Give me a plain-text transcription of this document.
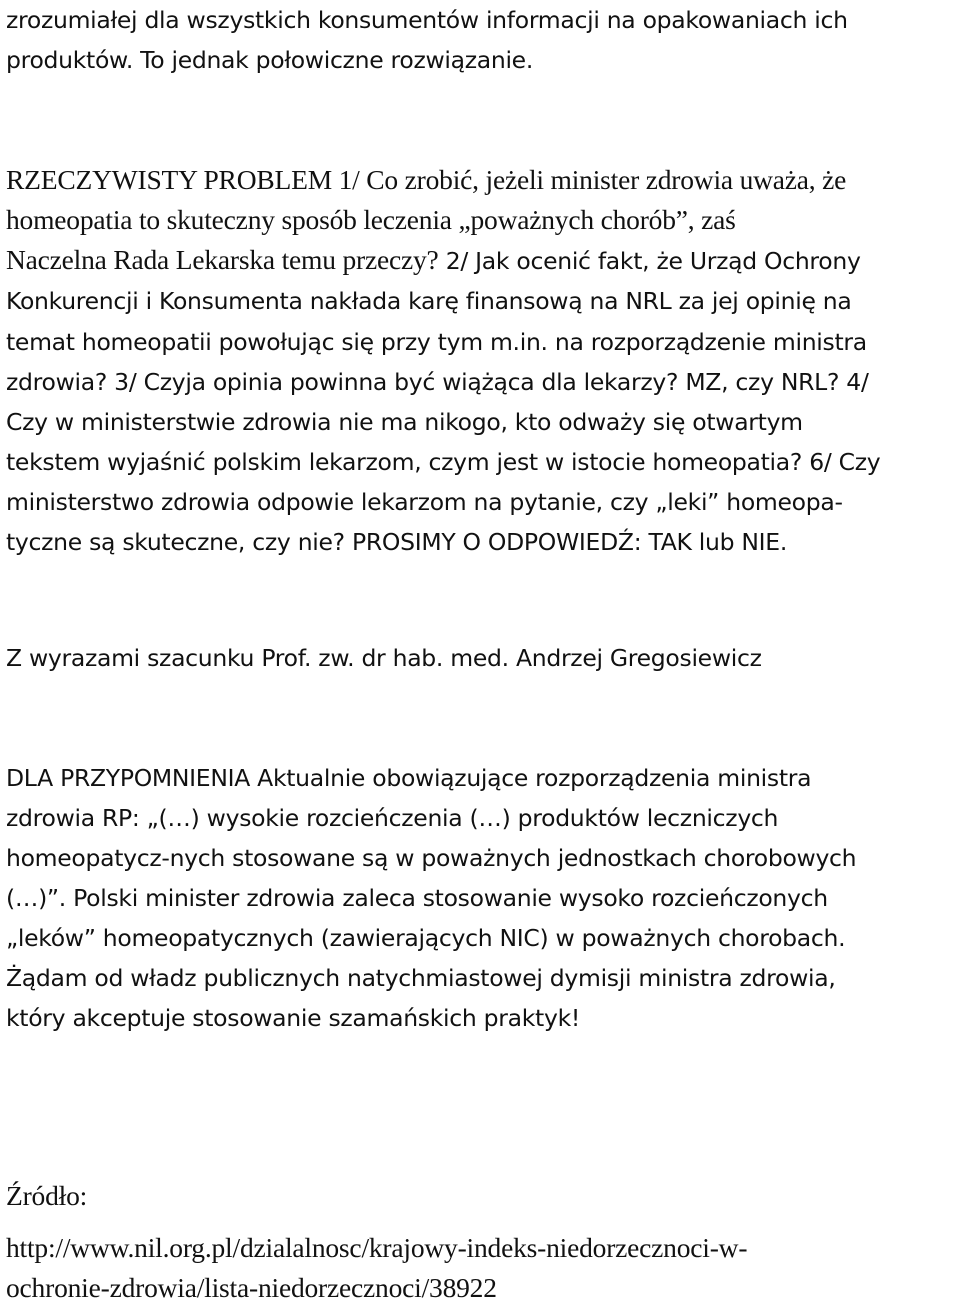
zrozumiałej dla wszystkich konsumentów informacji na opakowaniach ich
produktów. To jednak połowiczne rozwiązanie.

RZECZYWISTY PROBLEM 1/ Co zrobić, jeżeli minister zdrowia uważa, że
homeopatia to skuteczny sposób leczenia „poważnych chorób”, zaś
Naczelna Rada Lekarska temu przeczy? 2/ Jak ocenić fakt, że Urząd Ochrony
Konkurencji i Konsumenta nakłada karę finansową na NRL za jej opinię na
temat homeopatii powołując się przy tym m.in. na rozporządzenie ministra
zdrowia? 3/ Czyja opinia powinna być wiążąca dla lekarzy? MZ, czy NRL? 4/
Czy w ministerstwie zdrowia nie ma nikogo, kto odważy się otwartym
tekstem wyjaśnić polskim lekarzom, czym jest w istocie homeopatia? 6/ Czy
ministerstwo zdrowia odpowie lekarzom na pytanie, czy „leki” homeopa-
tyczne są skuteczne, czy nie? PROSIMY O ODPOWIEDŹ: TAK lub NIE.

Z wyrazami szacunku Prof. zw. dr hab. med. Andrzej Gregosiewicz

DLA PRZYPOMNIENIA Aktualnie obowiązujące rozporządzenia ministra
zdrowia RP: „(…) wysokie rozcieńczenia (…) produktów leczniczych
homeopatycz-nych stosowane są w poważnych jednostkach chorobowych
(…)”. Polski minister zdrowia zaleca stosowanie wysoko rozcieńczonych
„leków” homeopatycznych (zawierających NIC) w poważnych chorobach.
Żądam od władz publicznych natychmiastowej dymisji ministra zdrowia,
który akceptuje stosowanie szamańskich praktyk!

Źródło:

http://www.nil.org.pl/dzialalnosc/krajowy-indeks-niedorzecznoci-w-
ochronie-zdrowia/lista-niedorzecznoci/38922
